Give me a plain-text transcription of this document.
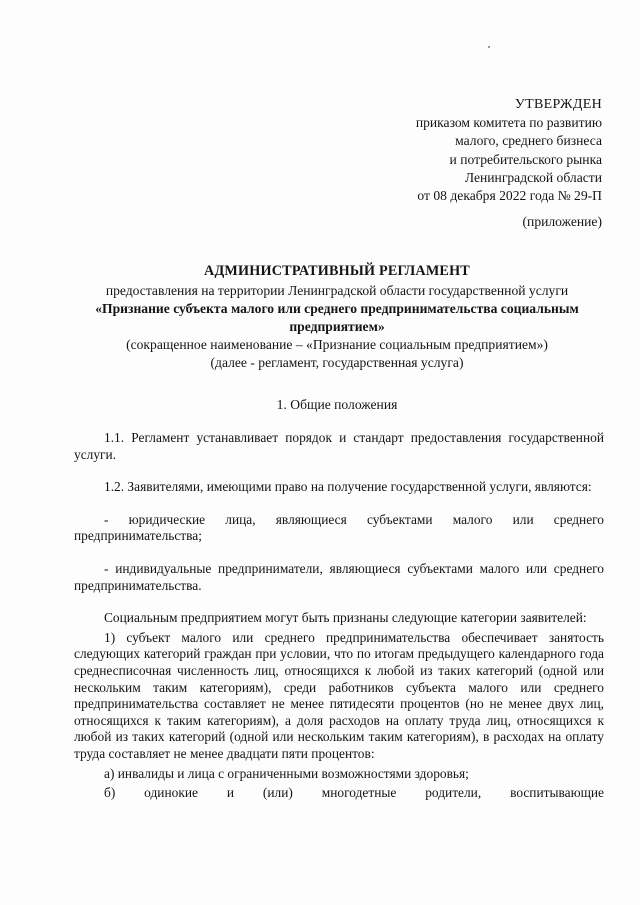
УТВЕРЖДЕН
приказом комитета по развитию
малого, среднего бизнеса
и потребительского рынка
Ленинградской области
от 08 декабря 2022 года № 29-П
(приложение)
АДМИНИСТРАТИВНЫЙ РЕГЛАМЕНТ
предоставления на территории Ленинградской области государственной услуги
«Признание субъекта малого или среднего предпринимательства социальным
предприятием»
(сокращенное наименование – «Признание социальным предприятием»)
(далее - регламент, государственная услуга)
1. Общие положения

1.1. Регламент устанавливает порядок и стандарт предоставления государственной услуги.

1.2. Заявителями, имеющими право на получение государственной услуги, являются:

- юридические лица, являющиеся субъектами малого или среднего предпринимательства;

- индивидуальные предприниматели, являющиеся субъектами малого или среднего предпринимательства.

Социальным предприятием могут быть признаны следующие категории заявителей:

1) субъект малого или среднего предпринимательства обеспечивает занятость следующих категорий граждан при условии, что по итогам предыдущего календарного года среднесписочная численность лиц, относящихся к любой из таких категорий (одной или нескольким таким категориям), среди работников субъекта малого или среднего предпринимательства составляет не менее пятидесяти процентов (но не менее двух лиц, относящихся к таким категориям), а доля расходов на оплату труда лиц, относящихся к любой из таких категорий (одной или нескольким таким категориям), в расходах на оплату труда составляет не менее двадцати пяти процентов:

а) инвалиды и лица с ограниченными возможностями здоровья;

б) одинокие и (или) многодетные родители, воспитывающие
